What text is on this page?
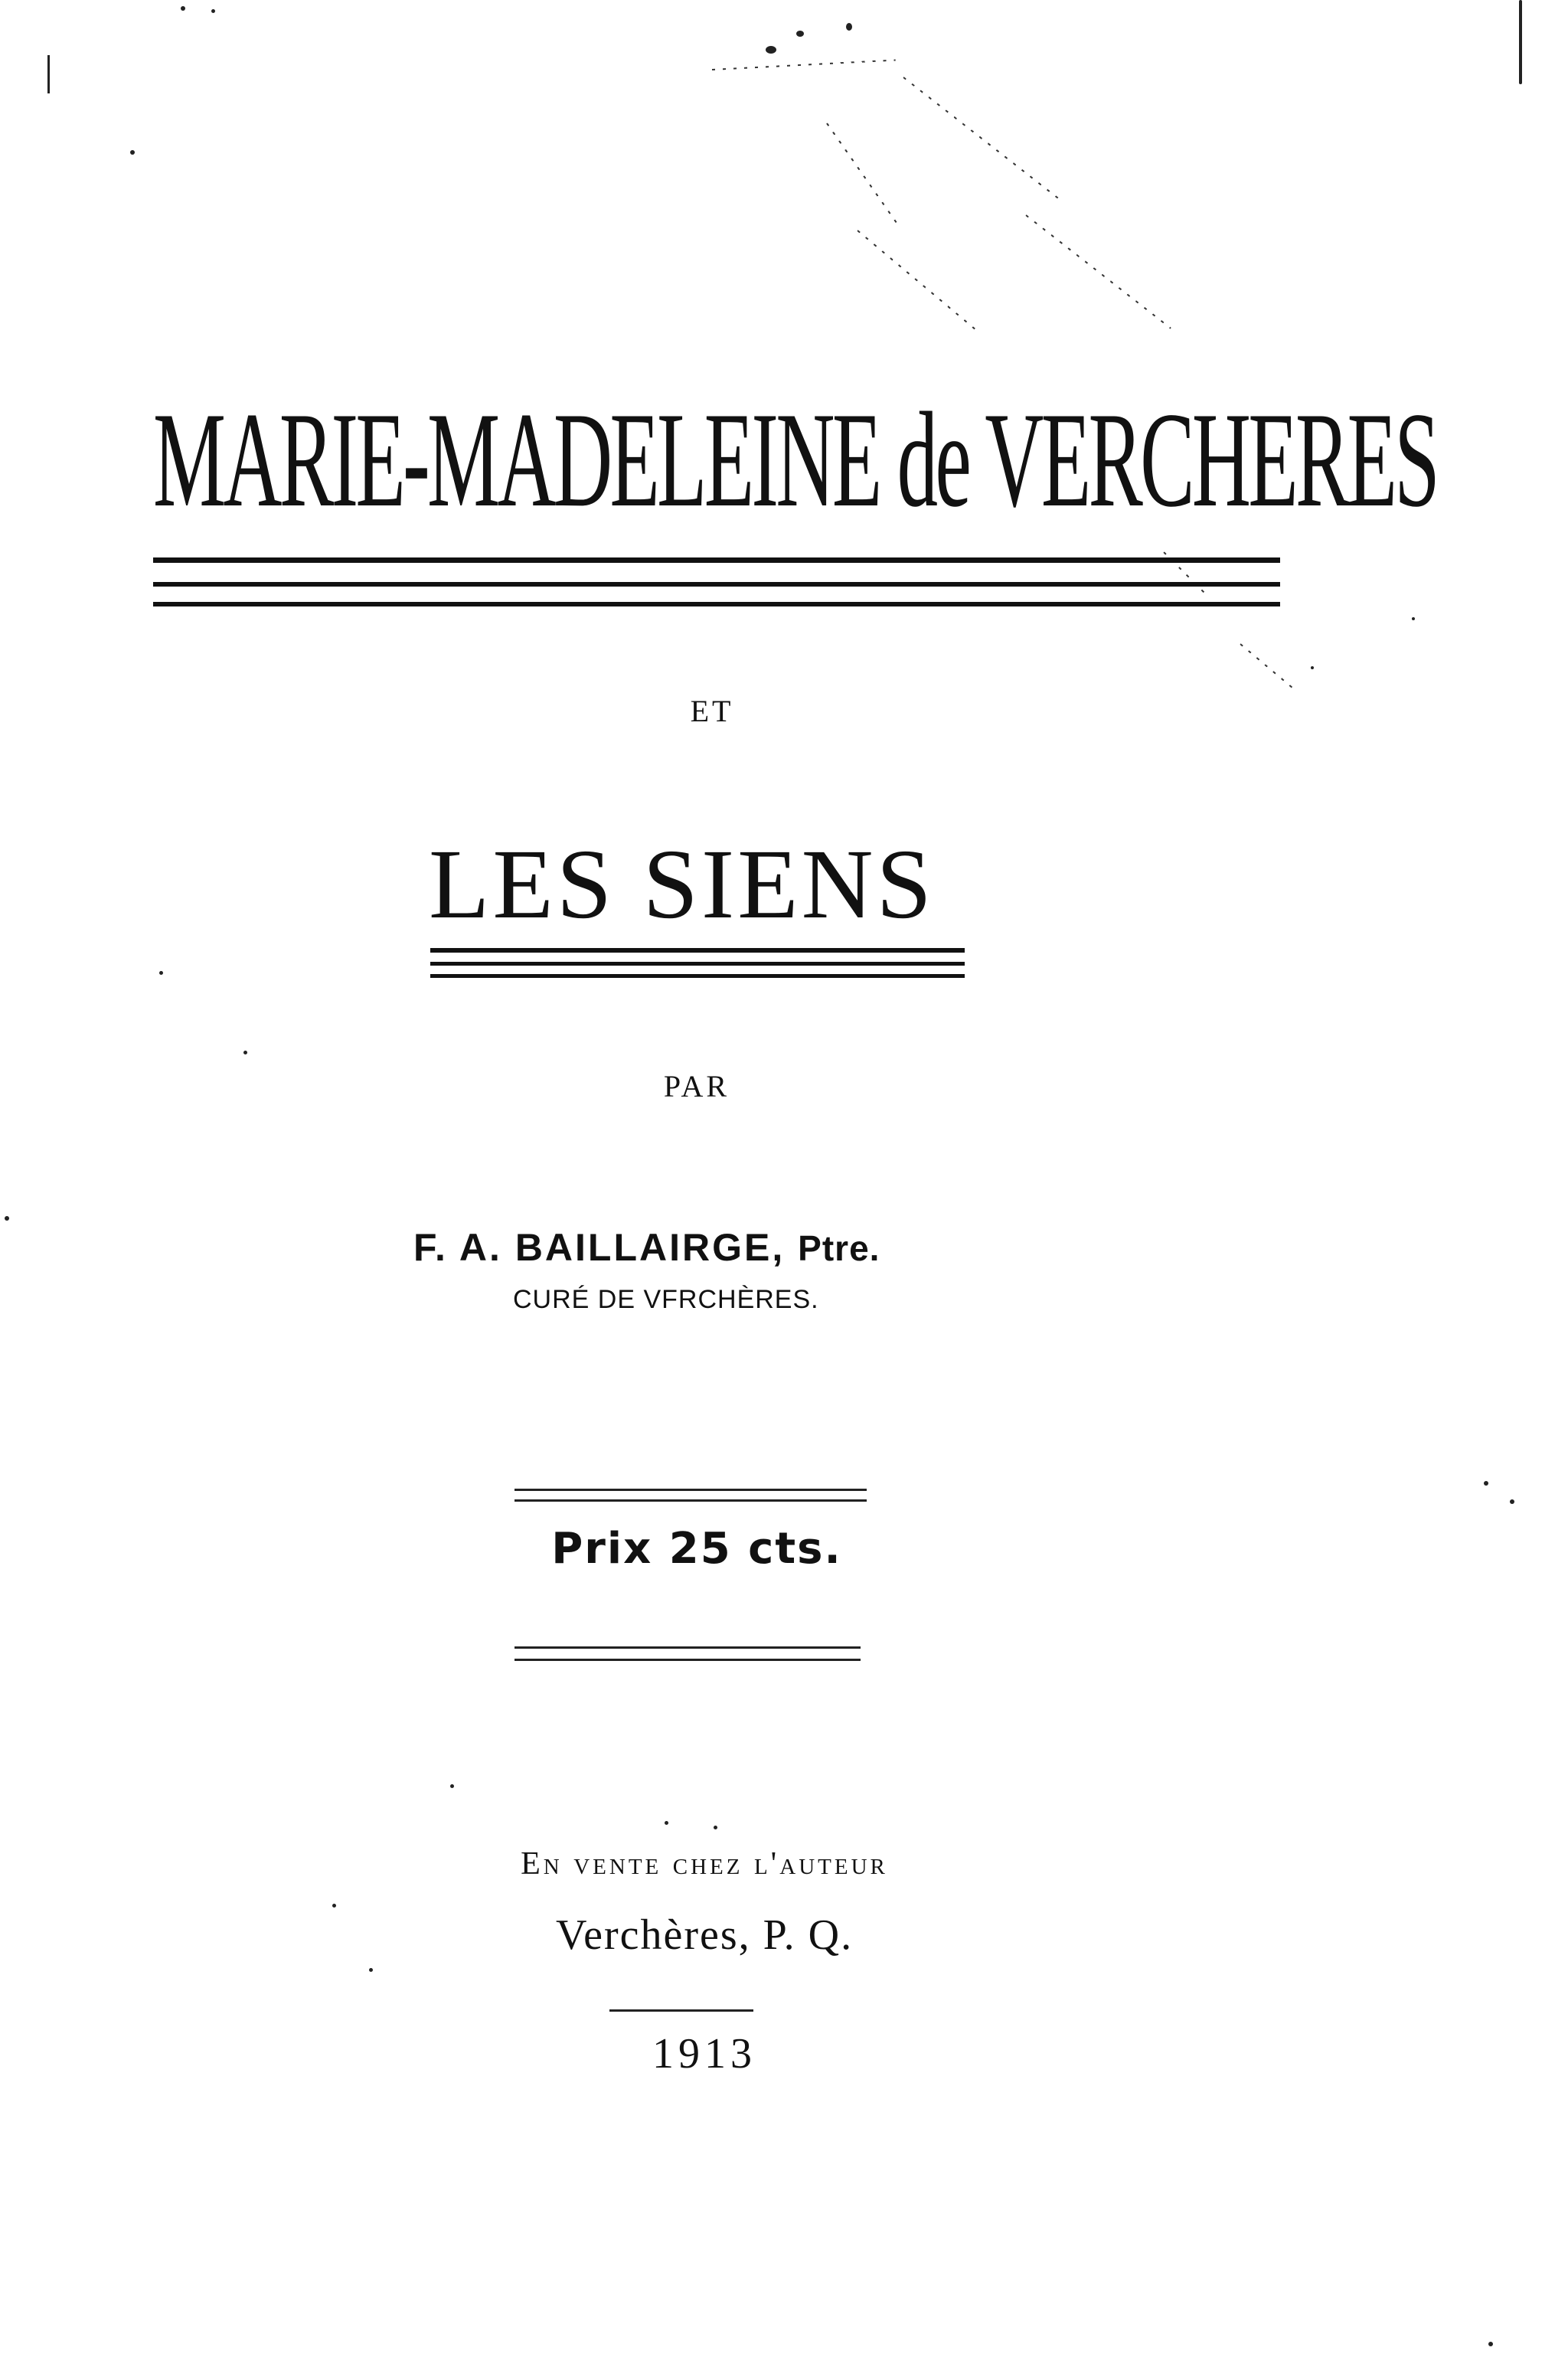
MARIE-MADELEINE de VERCHERES
ET
LES SIENS
PAR
F. A. BAILLAIRGE, Ptre.
CURÉ DE VFRCHÈRES.
Prix 25 cts.
En vente chez l'auteur
Verchères, P. Q.
1913
